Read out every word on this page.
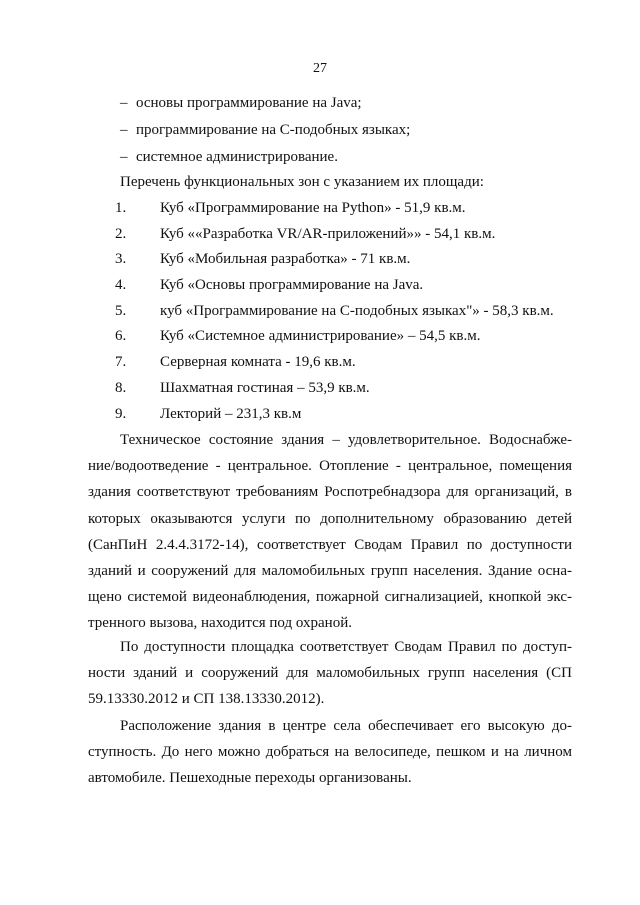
27
– основы программирование на Java;
– программирование на С-подобных языках;
– системное администрирование.
Перечень функциональных зон с указанием их площади:
1. Куб «Программирование на Python» - 51,9 кв.м.
2. Куб ««Разработка VR/AR-приложений»» - 54,1 кв.м.
3. Куб «Мобильная разработка» - 71 кв.м.
4. Куб «Основы программирование на Java.
5. куб «Программирование на С-подобных языках"» - 58,3 кв.м.
6. Куб «Системное администрирование» – 54,5 кв.м.
7. Серверная комната - 19,6 кв.м.
8. Шахматная гостиная – 53,9 кв.м.
9. Лекторий – 231,3 кв.м

Техническое состояние здания – удовлетворительное. Водоснабже-ние/водоотведение - центральное. Отопление - центральное, помещения здания соответствуют требованиям Роспотребнадзора для организаций, в которых оказываются услуги по дополнительному образованию детей (СанПиН 2.4.4.3172-14), соответствует Сводам Правил по доступности зданий и сооружений для маломобильных групп населения. Здание осна-щено системой видеонаблюдения, пожарной сигнализацией, кнопкой экс-тренного вызова, находится под охраной.

По доступности площадка соответствует Сводам Правил по доступ-ности зданий и сооружений для маломобильных групп населения (СП 59.13330.2012 и СП 138.13330.2012).

Расположение здания в центре села обеспечивает его высокую до-ступность. До него можно добраться на велосипеде, пешком и на личном автомобиле. Пешеходные переходы организованы.
